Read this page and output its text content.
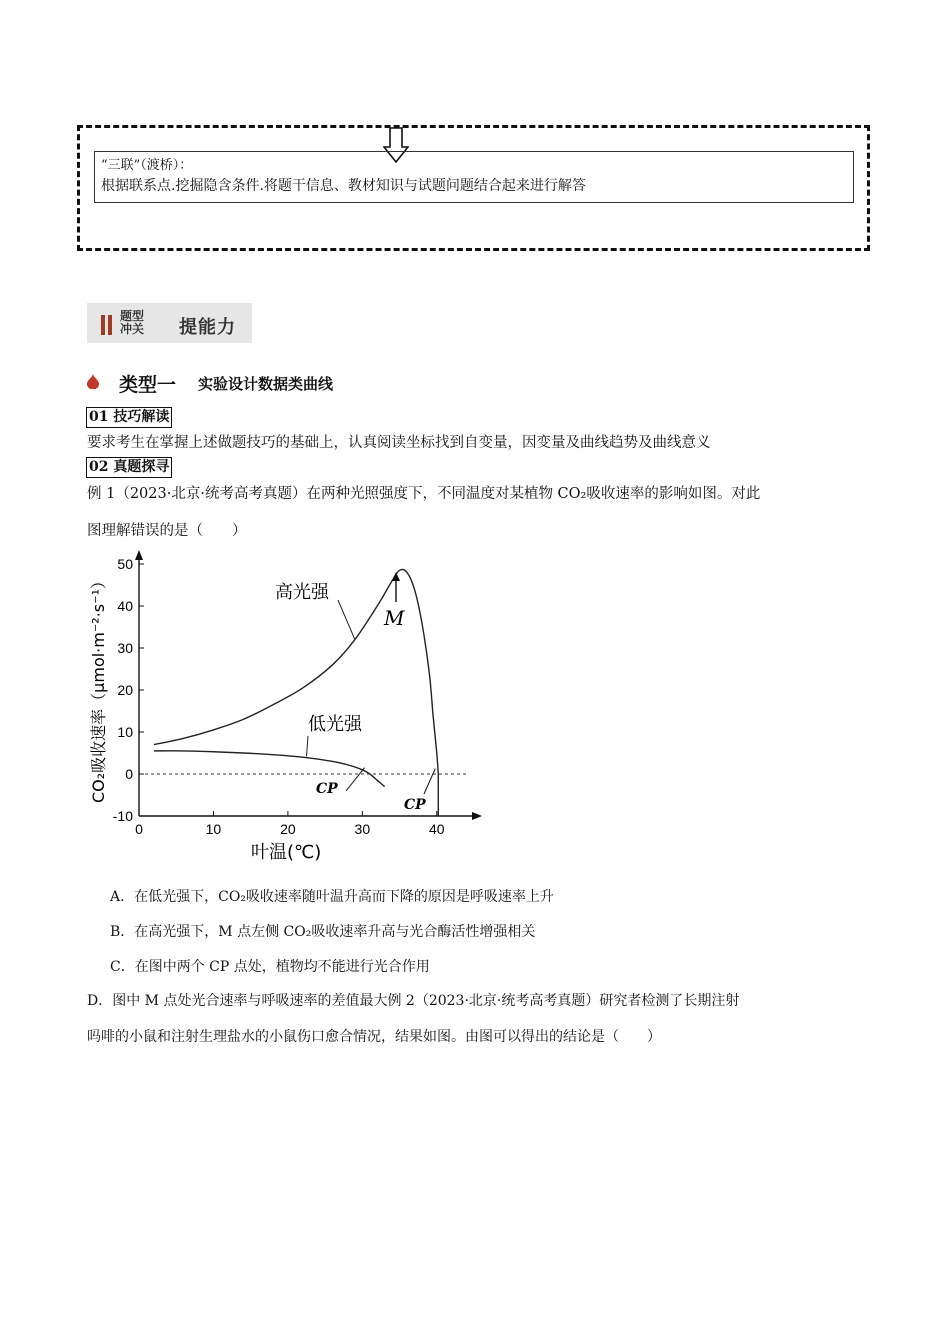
“三联”（渡桥）：
根据联系点.挖掘隐含条件.将题干信息、教材知识与试题问题结合起来进行解答
题型
冲关 提能力
类型一 实验设计数据类曲线
01 技巧解读
要求考生在掌握上述做题技巧的基础上，认真阅读坐标找到自变量，因变量及曲线趋势及曲线意义
02 真题探寻
例 1（2023·北京·统考高考真题）在两种光照强度下，不同温度对某植物 CO₂吸收速率的影响如图。对此
图理解错误的是（　　）
-10
0
10
20
30
40
50
0	10	20	30	40
高光强
低光强
M
CP
CP
叶温(℃)
CO₂吸收速率（μmol·m⁻²·s⁻¹）
A．在低光强下，CO₂吸收速率随叶温升高而下降的原因是呼吸速率上升
B．在高光强下，M 点左侧 CO₂吸收速率升高与光合酶活性增强相关
C．在图中两个 CP 点处，植物均不能进行光合作用
D．图中 M 点处光合速率与呼吸速率的差值最大例 2（2023·北京·统考高考真题）研究者检测了长期注射
吗啡的小鼠和注射生理盐水的小鼠伤口愈合情况，结果如图。由图可以得出的结论是（　　）
